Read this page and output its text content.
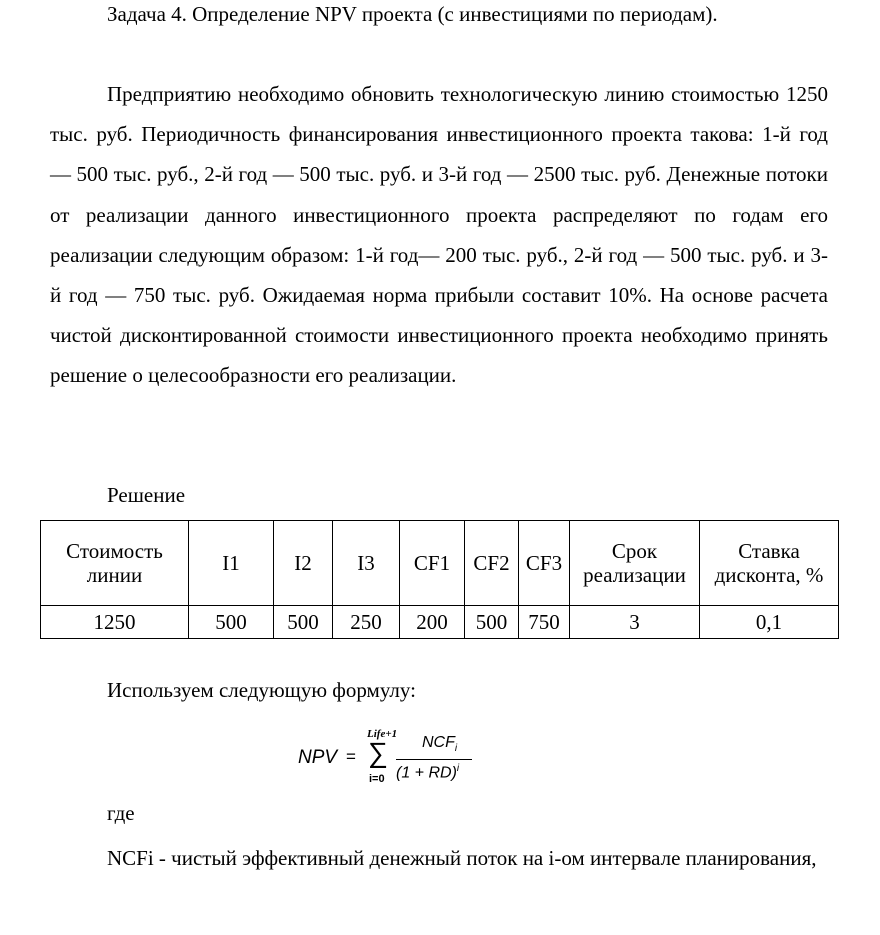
Задача 4. Определение NPV проекта (с инвестициями по периодам).

Предприятию необходимо обновить технологическую линию стоимостью 1250 тыс. руб. Периодичность финансирования инвестиционного проекта такова: 1-й год — 500 тыс. руб., 2-й год — 500 тыс. руб. и 3-й год — 2500 тыс. руб. Денежные потоки от реализации данного инвестиционного проекта распределяют по годам его реализации следующим образом: 1-й год— 200 тыс. руб., 2-й год — 500 тыс. руб. и 3-й год — 750 тыс. руб. Ожидаемая норма прибыли составит 10%. На основе расчета чистой дисконтированной стоимости инвестиционного проекта необходимо принять решение о целесообразности его реализации.

Решение
Стоимость линии	I1	I2	I3	CF1	CF2	CF3	Срок реализации	Ставка дисконта, %
1250	500	500	250	200	500	750	3	0,1
Используем следующую формулу:
NPV =
Life+1
∑
i=0
$NCF_i$
(1 + RD)$^i$
где

NCFi - чистый эффективный денежный поток на i-ом интервале планирования,
